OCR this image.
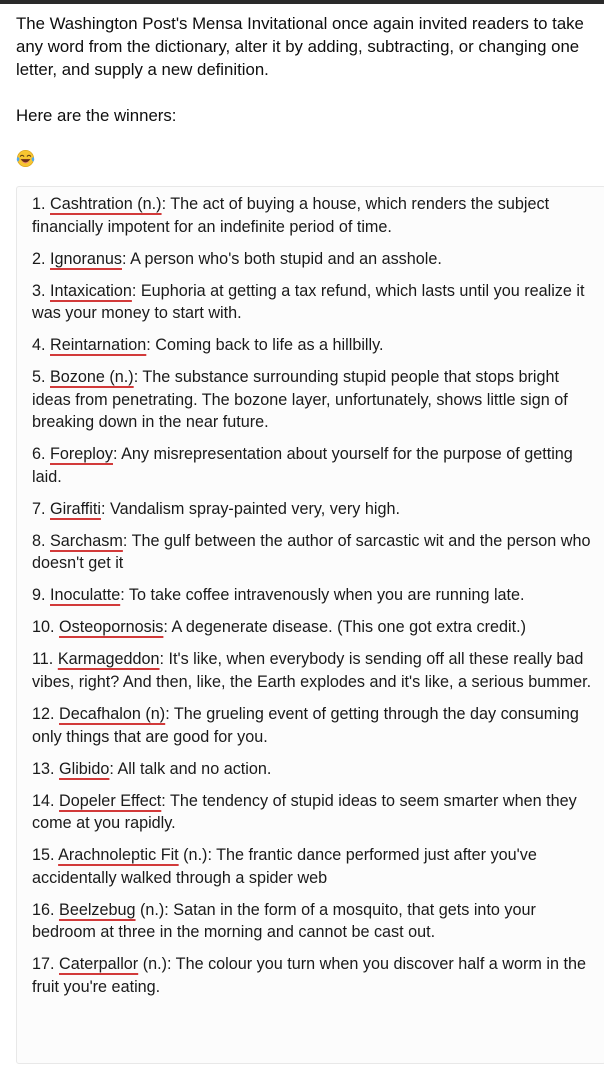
The Washington Post's Mensa Invitational once again invited readers to take any word from the dictionary, alter it by adding, subtracting, or changing one letter, and supply a new definition.

Here are the winners:

1. Cashtration (n.): The act of buying a house, which renders the subject financially impotent for an indefinite period of time.
2. Ignoranus: A person who's both stupid and an asshole.
3. Intaxication: Euphoria at getting a tax refund, which lasts until you realize it was your money to start with.
4. Reintarnation: Coming back to life as a hillbilly.
5. Bozone (n.): The substance surrounding stupid people that stops bright ideas from penetrating. The bozone layer, unfortunately, shows little sign of breaking down in the near future.
6. Foreploy: Any misrepresentation about yourself for the purpose of getting laid.
7. Giraffiti: Vandalism spray-painted very, very high.
8. Sarchasm: The gulf between the author of sarcastic wit and the person who doesn't get it
9. Inoculatte: To take coffee intravenously when you are running late.
10. Osteopornosis: A degenerate disease. (This one got extra credit.)
11. Karmageddon: It's like, when everybody is sending off all these really bad vibes, right? And then, like, the Earth explodes and it's like, a serious bummer.
12. Decafhalon (n): The grueling event of getting through the day consuming only things that are good for you.
13. Glibido: All talk and no action.
14. Dopeler Effect: The tendency of stupid ideas to seem smarter when they come at you rapidly.
15. Arachnoleptic Fit (n.): The frantic dance performed just after you've accidentally walked through a spider web
16. Beelzebug (n.): Satan in the form of a mosquito, that gets into your bedroom at three in the morning and cannot be cast out.
17. Caterpallor (n.): The colour you turn when you discover half a worm in the fruit you're eating.
